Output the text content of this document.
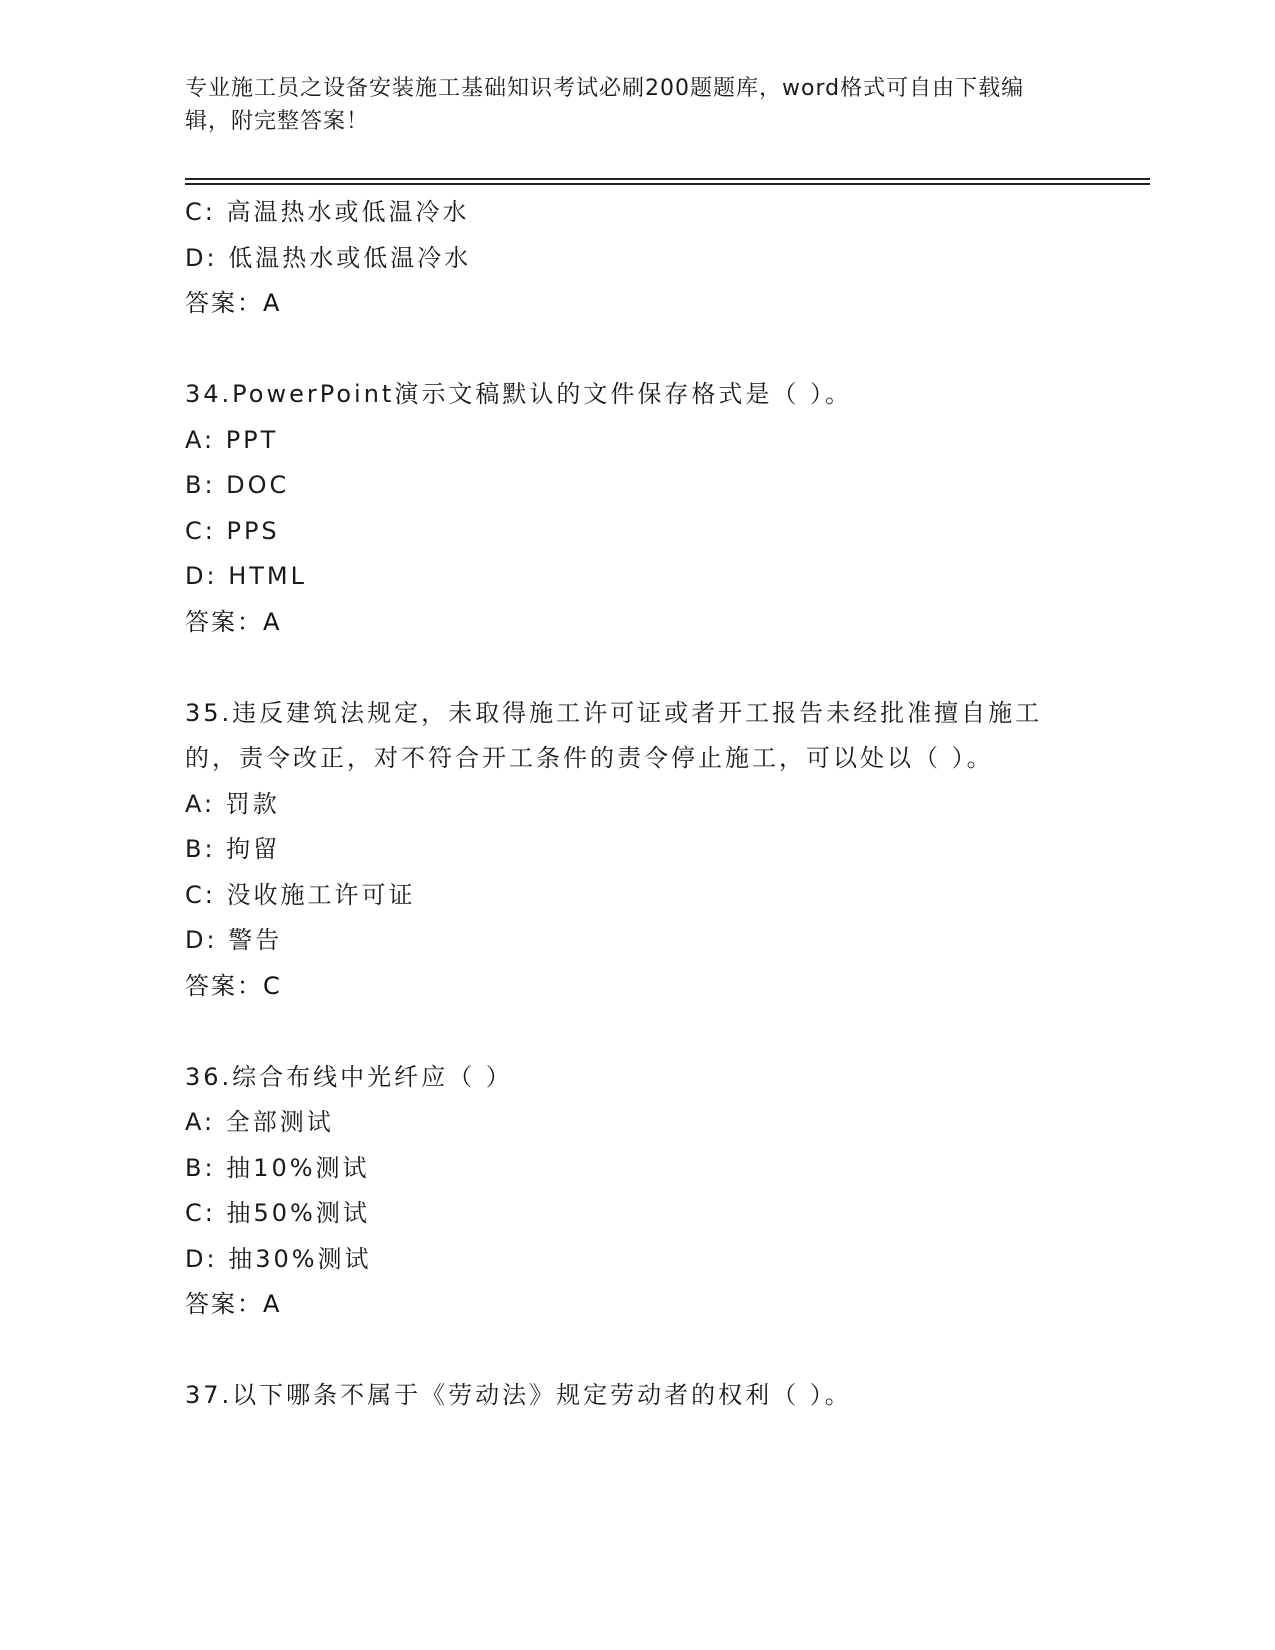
专业施工员之设备安装施工基础知识考试必刷200题题库，word格式可自由下载编辑，附完整答案！
C: 高温热水或低温冷水
D: 低温热水或低温冷水
答案：A
34.PowerPoint演示文稿默认的文件保存格式是（ ）。
A: PPT
B: DOC
C: PPS
D: HTML
答案：A
35.违反建筑法规定，未取得施工许可证或者开工报告未经批准擅自施工的，责令改正，对不符合开工条件的责令停止施工，可以处以（ ）。
A: 罚款
B: 拘留
C: 没收施工许可证
D: 警告
答案：C
36.综合布线中光纤应（ ）
A: 全部测试
B: 抽10%测试
C: 抽50%测试
D: 抽30%测试
答案：A
37.以下哪条不属于《劳动法》规定劳动者的权利（ ）。
